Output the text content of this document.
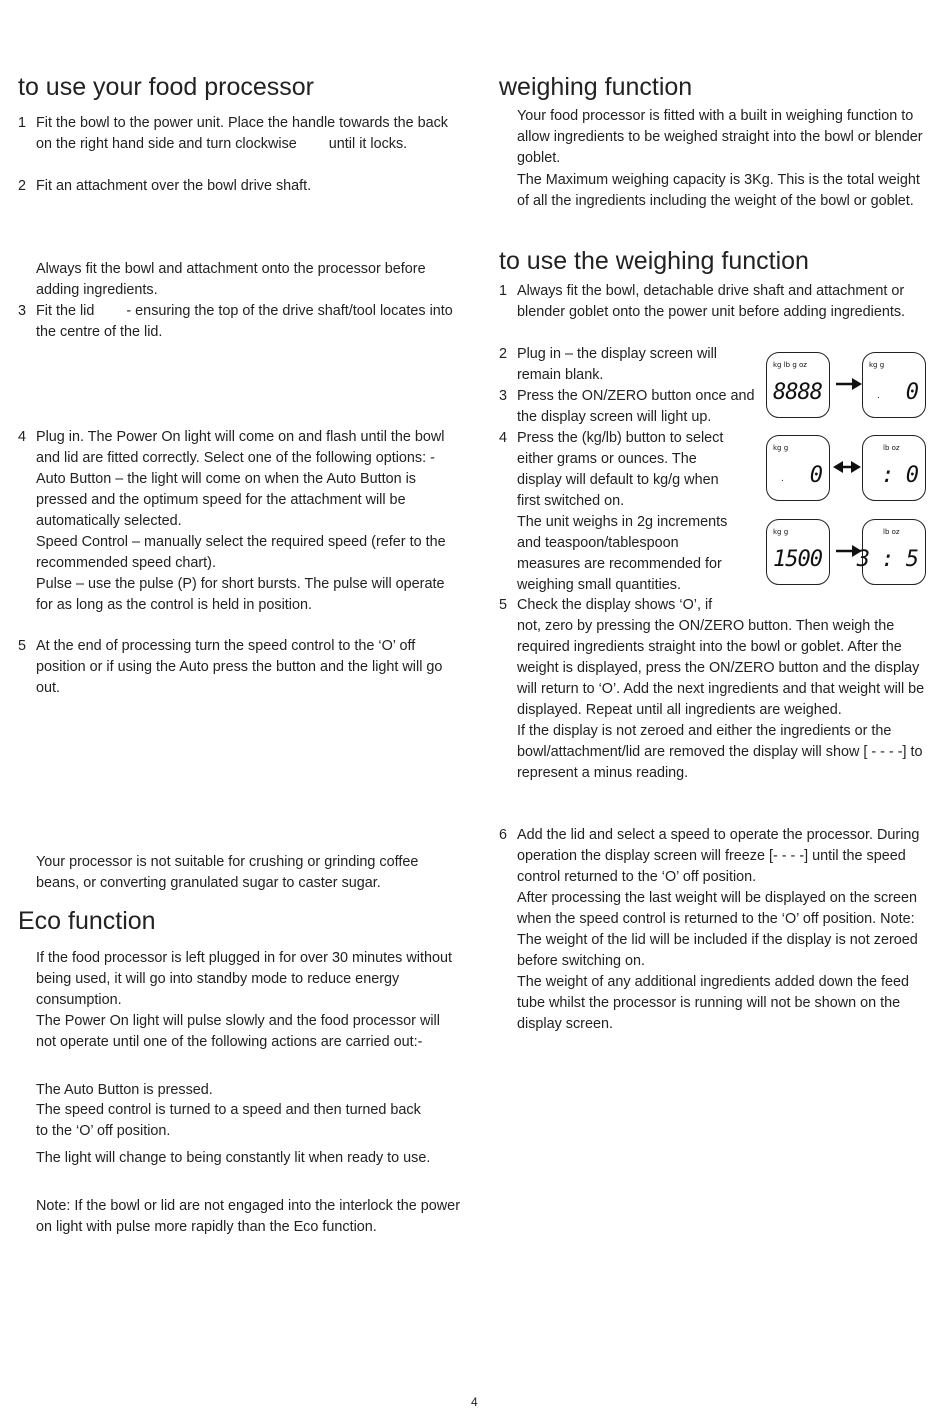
to use your food processor
1 Fit the bowl to the power unit. Place the handle towards the back on the right hand side and turn clockwise until it locks.
2 Fit an attachment over the bowl drive shaft.

Always fit the bowl and attachment onto the processor before adding ingredients.

3 Fit the lid - ensuring the top of the drive shaft/tool locates into the centre of the lid.
4 Plug in. The Power On light will come on and flash until the bowl and lid are fitted correctly. Select one of the following options: -
Auto Button – the light will come on when the Auto Button is pressed and the optimum speed for the attachment will be automatically selected.
Speed Control – manually select the required speed (refer to the recommended speed chart).
Pulse – use the pulse (P) for short bursts. The pulse will operate for as long as the control is held in position.
5 At the end of processing turn the speed control to the ‘O’ off position or if using the Auto press the button and the light will go out.

Your processor is not suitable for crushing or grinding coffee beans, or converting granulated sugar to caster sugar.

Eco function

If the food processor is left plugged in for over 30 minutes without being used, it will go into standby mode to reduce energy consumption.

The Power On light will pulse slowly and the food processor will not operate until one of the following actions are carried out:-

The Auto Button is pressed.

The speed control is turned to a speed and then turned back to the ‘O’ off position.

The light will change to being constantly lit when ready to use.

Note: If the bowl or lid are not engaged into the interlock the power on light with pulse more rapidly than the Eco function.

weighing function

Your food processor is fitted with a built in weighing function to allow ingredients to be weighed straight into the bowl or blender goblet.

The Maximum weighing capacity is 3Kg. This is the total weight of all the ingredients including the weight of the bowl or goblet.

to use the weighing function
1 Always fit the bowl, detachable drive shaft and attachment or blender goblet onto the power unit before adding ingredients.
2 Plug in – the display screen will remain blank.
3 Press the ON/ZERO button once and the display screen will light up.
4 Press the (kg/lb) button to select either grams or ounces. The display will default to kg/g when first switched on.
The unit weighs in 2g increments and teaspoon/tablespoon measures are recommended for weighing small quantities.
5 Check the display shows ‘O’, if
not, zero by pressing the ON/ZERO button. Then weigh the required ingredients straight into the bowl or goblet. After the weight is displayed, press the ON/ZERO button and the display will return to ‘O’. Add the next ingredients and that weight will be displayed. Repeat until all ingredients are weighed.
If the display is not zeroed and either the ingredients or the bowl/attachment/lid are removed the display will show [ - - - -] to represent a minus reading.
6 Add the lid and select a speed to operate the processor. During operation the display screen will freeze [- - - -] until the speed control returned to the ‘O’ off position.
After processing the last weight will be displayed on the screen when the speed control is returned to the ‘O’ off position. Note: The weight of the lid will be included if the display is not zeroed before switching on.
The weight of any additional ingredients added down the feed tube whilst the processor is running will not be shown on the display screen.
kg lb g oz
8888
kg g
. 0
kg g
. 0
lb oz
: 0
kg g
1500
lb oz
3 : 5
4
